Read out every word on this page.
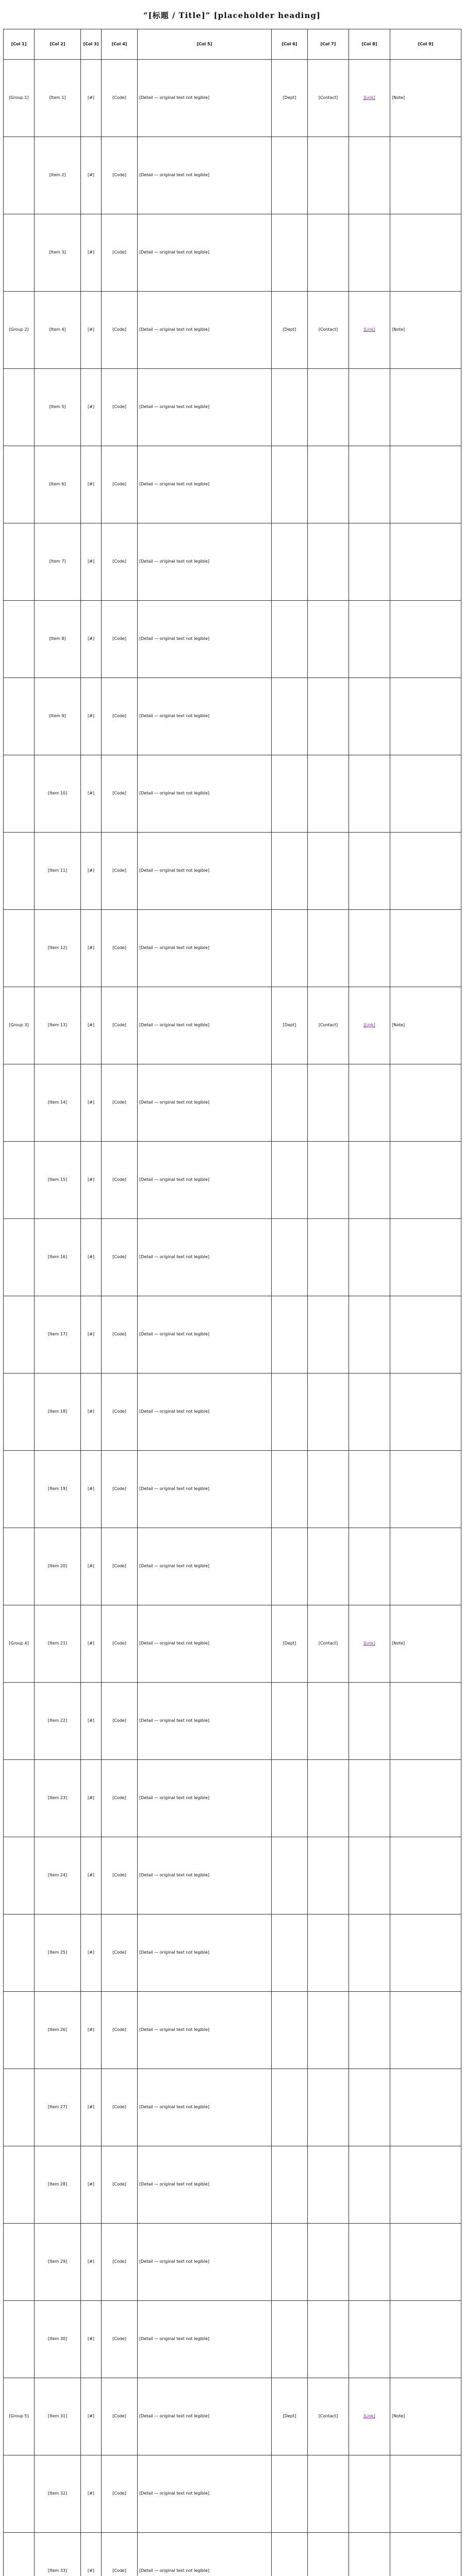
“[标题 / Title]” [placeholder heading]
[Col 1]	[Col 2]	[Col 3]	[Col 4]	[Col 5]	[Col 6]	[Col 7]	[Col 8]	[Col 9]

[Group 1]	[Item 1]	[#]	[Code]	[Detail — original text not legible]	[Dept]	[Contact]	[Link]	[Note]

	[Item 2]	[#]	[Code]	[Detail — original text not legible]				

	[Item 3]	[#]	[Code]	[Detail — original text not legible]				

[Group 2]	[Item 4]	[#]	[Code]	[Detail — original text not legible]	[Dept]	[Contact]	[Link]	[Note]

	[Item 5]	[#]	[Code]	[Detail — original text not legible]				

	[Item 6]	[#]	[Code]	[Detail — original text not legible]				

	[Item 7]	[#]	[Code]	[Detail — original text not legible]				

	[Item 8]	[#]	[Code]	[Detail — original text not legible]				

	[Item 9]	[#]	[Code]	[Detail — original text not legible]				

	[Item 10]	[#]	[Code]	[Detail — original text not legible]				

	[Item 11]	[#]	[Code]	[Detail — original text not legible]				

	[Item 12]	[#]	[Code]	[Detail — original text not legible]				

[Group 3]	[Item 13]	[#]	[Code]	[Detail — original text not legible]	[Dept]	[Contact]	[Link]	[Note]

	[Item 14]	[#]	[Code]	[Detail — original text not legible]				

	[Item 15]	[#]	[Code]	[Detail — original text not legible]				

	[Item 16]	[#]	[Code]	[Detail — original text not legible]				

	[Item 17]	[#]	[Code]	[Detail — original text not legible]				

	[Item 18]	[#]	[Code]	[Detail — original text not legible]				

	[Item 19]	[#]	[Code]	[Detail — original text not legible]				

	[Item 20]	[#]	[Code]	[Detail — original text not legible]				

[Group 4]	[Item 21]	[#]	[Code]	[Detail — original text not legible]	[Dept]	[Contact]	[Link]	[Note]

	[Item 22]	[#]	[Code]	[Detail — original text not legible]				

	[Item 23]	[#]	[Code]	[Detail — original text not legible]				

	[Item 24]	[#]	[Code]	[Detail — original text not legible]				

	[Item 25]	[#]	[Code]	[Detail — original text not legible]				

	[Item 26]	[#]	[Code]	[Detail — original text not legible]				

	[Item 27]	[#]	[Code]	[Detail — original text not legible]				

	[Item 28]	[#]	[Code]	[Detail — original text not legible]				

	[Item 29]	[#]	[Code]	[Detail — original text not legible]				

	[Item 30]	[#]	[Code]	[Detail — original text not legible]				

[Group 5]	[Item 31]	[#]	[Code]	[Detail — original text not legible]	[Dept]	[Contact]	[Link]	[Note]

	[Item 32]	[#]	[Code]	[Detail — original text not legible]				

	[Item 33]	[#]	[Code]	[Detail — original text not legible]				
